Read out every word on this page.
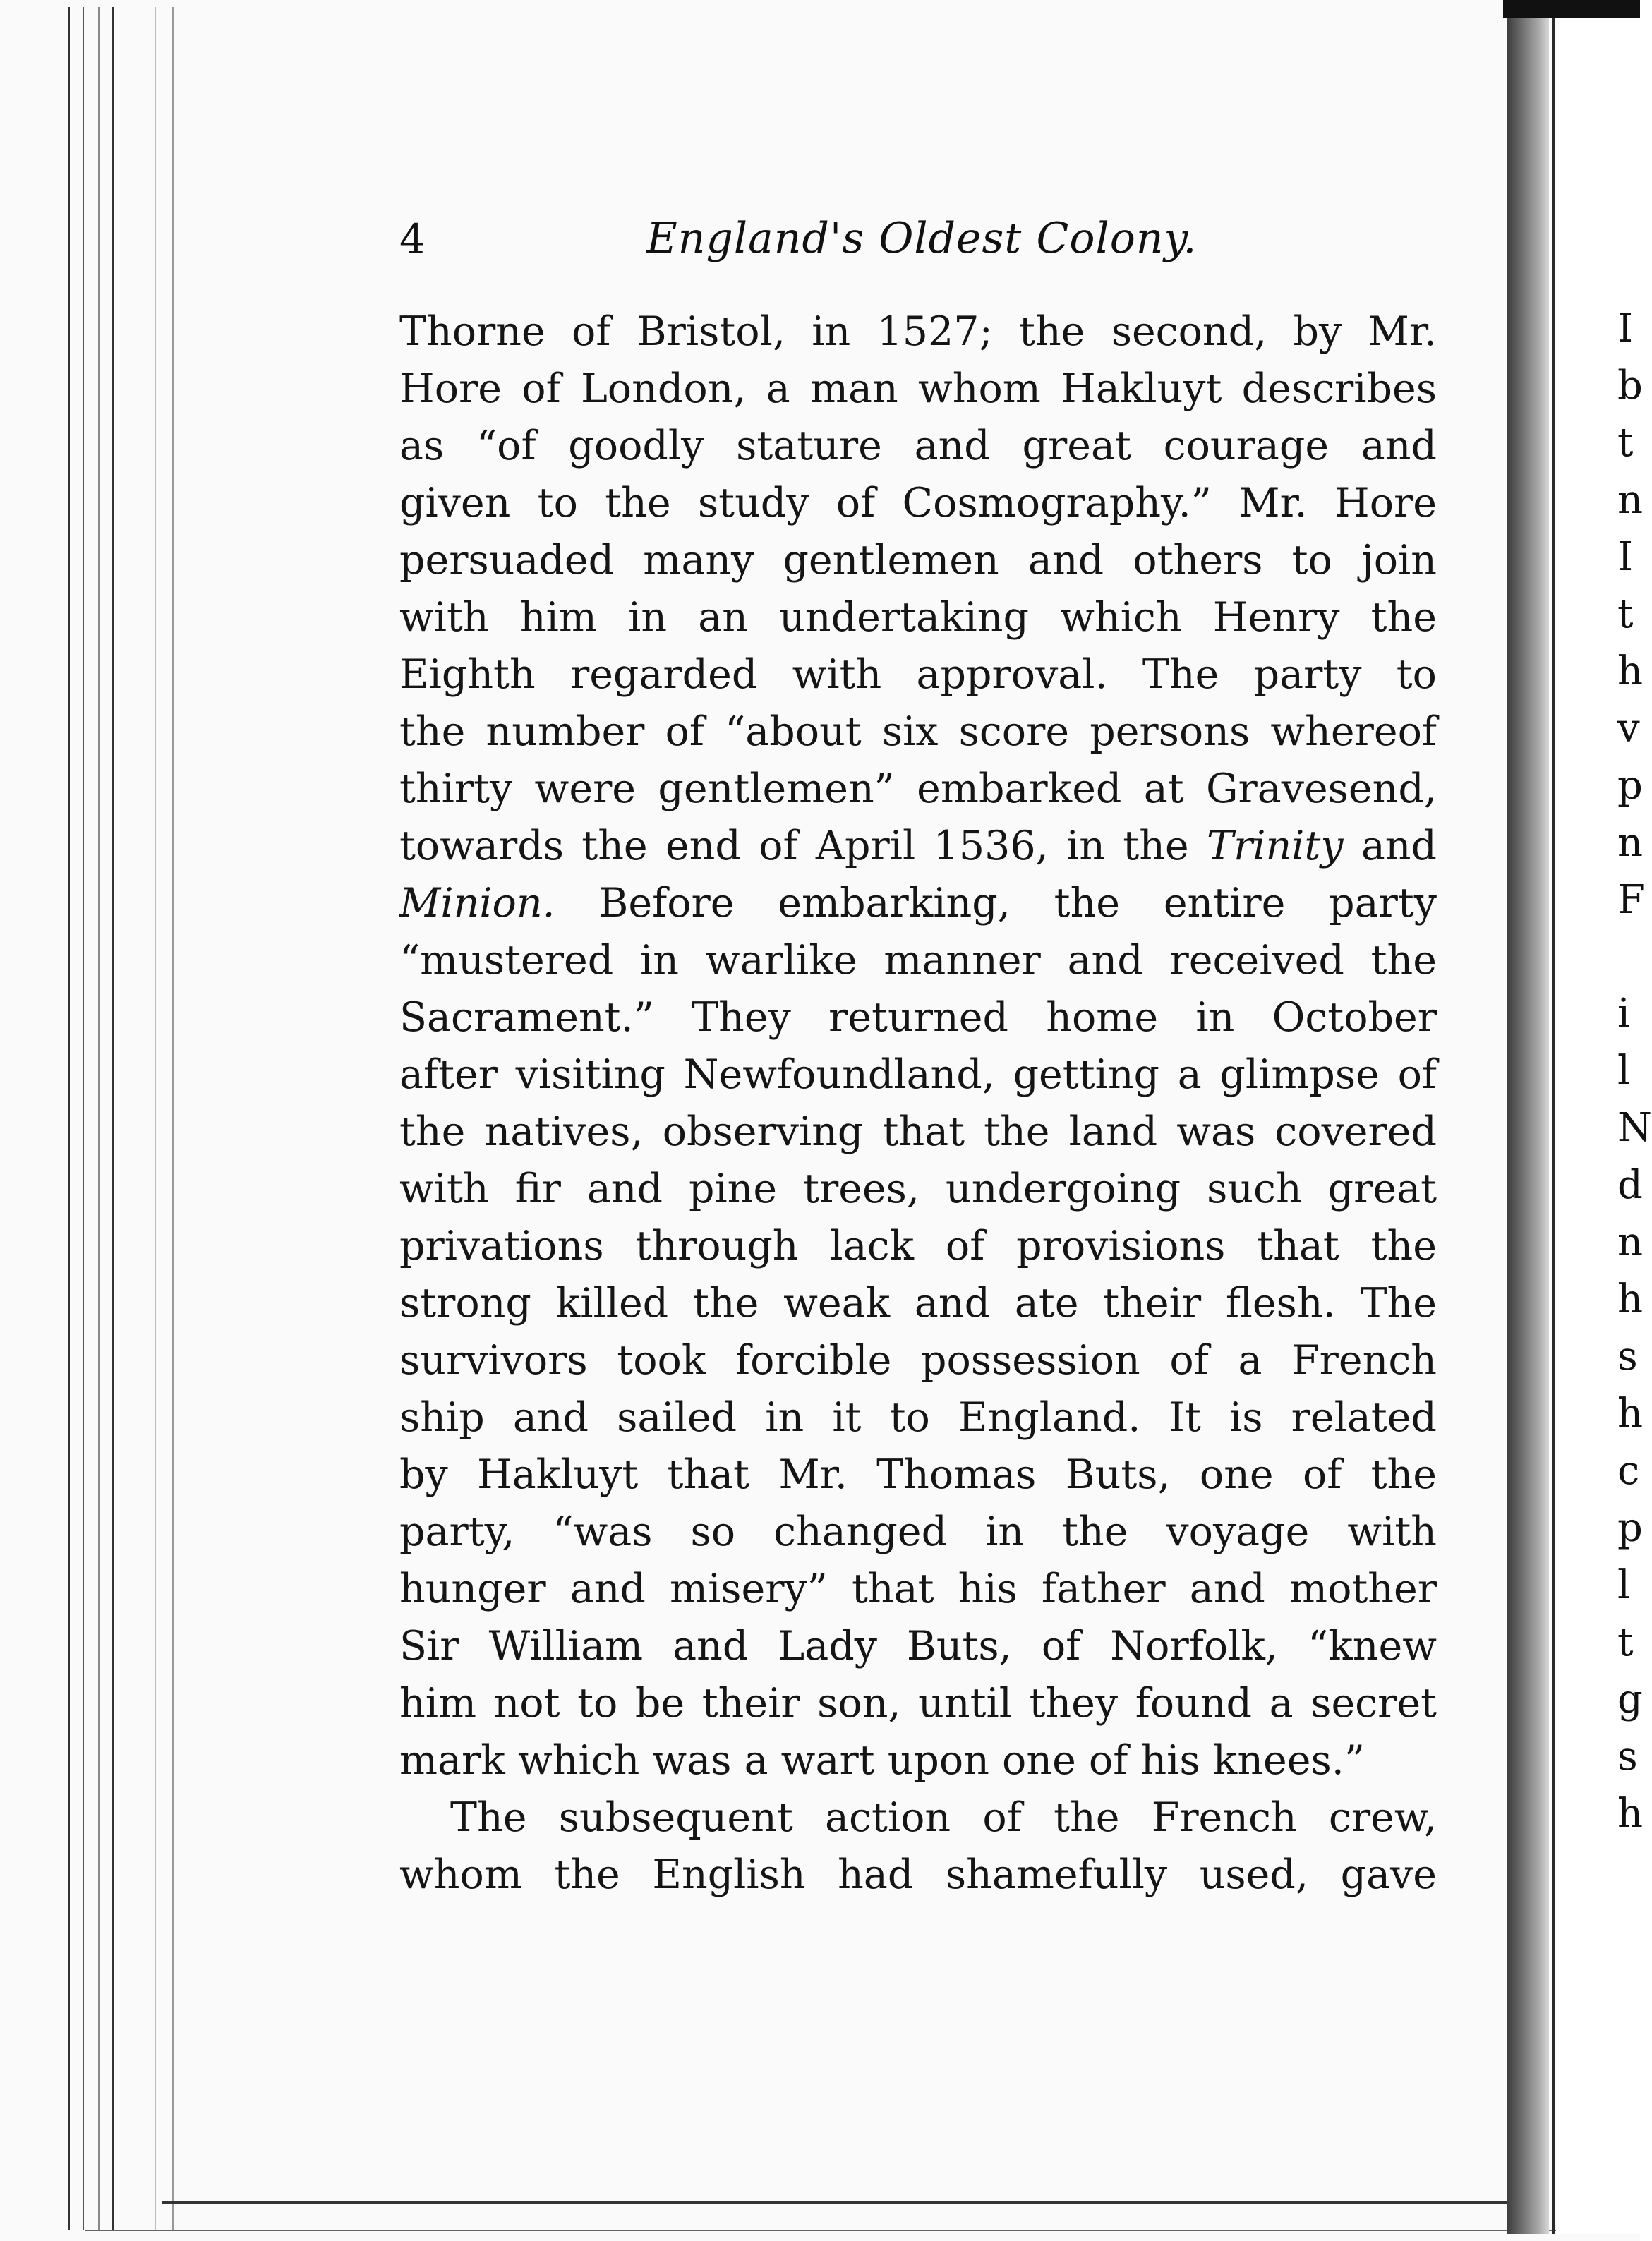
I
b
t
n
I
t
h
v
p
n
F
i
l
N
d
n
h
s
h
c
p
l
t
g
s
h
4	England's Oldest Colony.
Thorne of Bristol, in 1527; the second, by Mr.
Hore of London, a man whom Hakluyt describes
as “of goodly stature and great courage and
given to the study of Cosmography.” Mr. Hore
persuaded many gentlemen and others to join
with him in an undertaking which Henry the
Eighth regarded with approval. The party to
the number of “about six score persons whereof
thirty were gentlemen” embarked at Gravesend,
towards the end of April 1536, in the Trinity and
Minion. Before embarking, the entire party
“mustered in warlike manner and received the
Sacrament.” They returned home in October
after visiting Newfoundland, getting a glimpse of
the natives, observing that the land was covered
with fir and pine trees, undergoing such great
privations through lack of provisions that the
strong killed the weak and ate their flesh. The
survivors took forcible possession of a French
ship and sailed in it to England. It is related
by Hakluyt that Mr. Thomas Buts, one of the
party, “was so changed in the voyage with
hunger and misery” that his father and mother
Sir William and Lady Buts, of Norfolk, “knew
him not to be their son, until they found a secret
mark which was a wart upon one of his knees.”
The subsequent action of the French crew,
whom the English had shamefully used, gave
